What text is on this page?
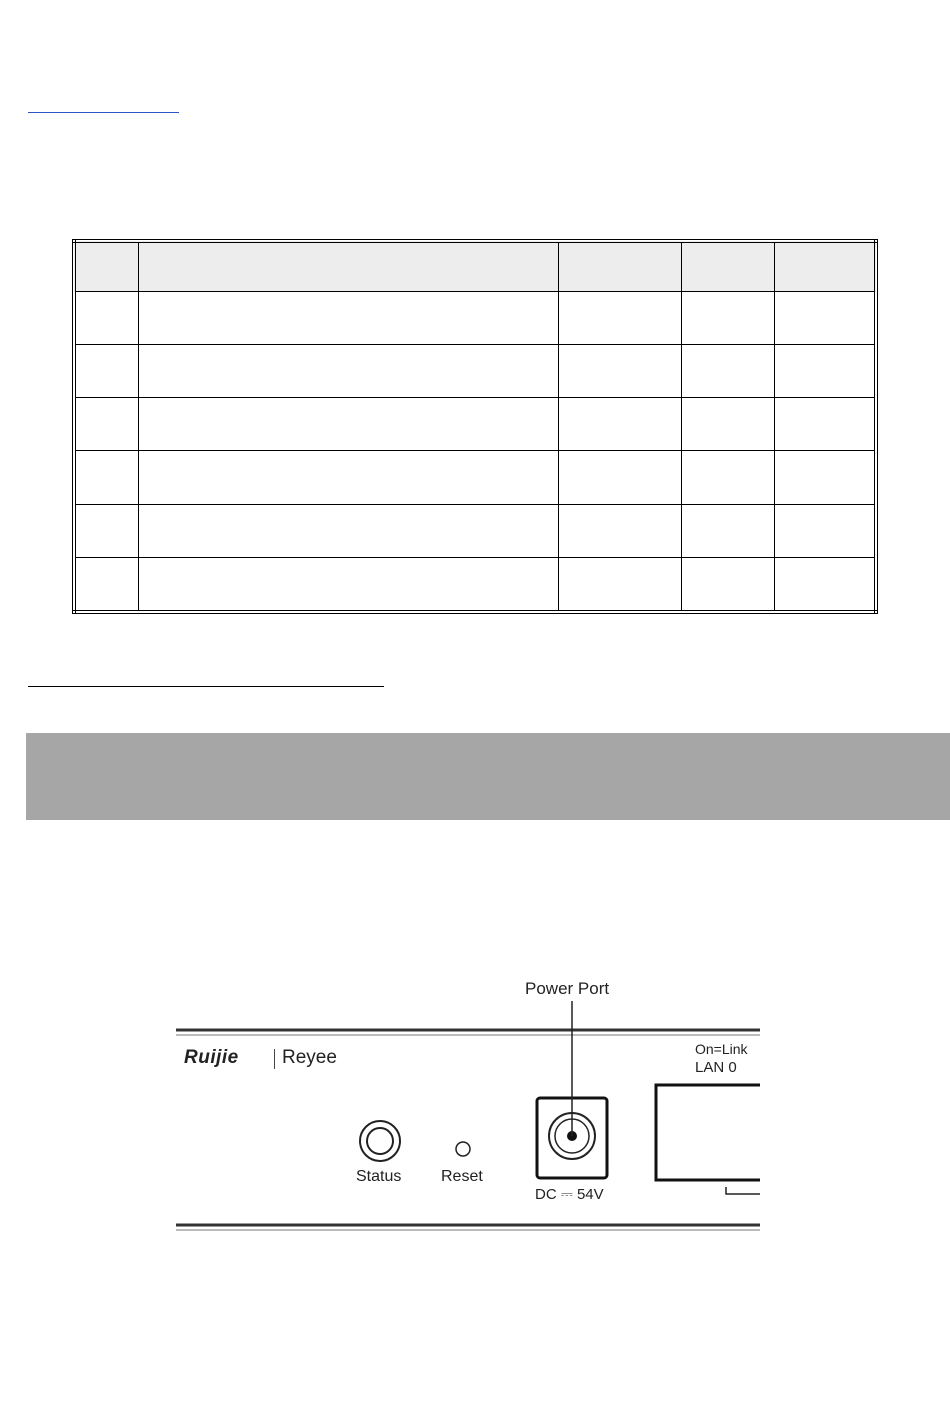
Power Port
Ruijie Reyee	On=Link
LAN 0
Status Reset
DC ⎓ 54V
